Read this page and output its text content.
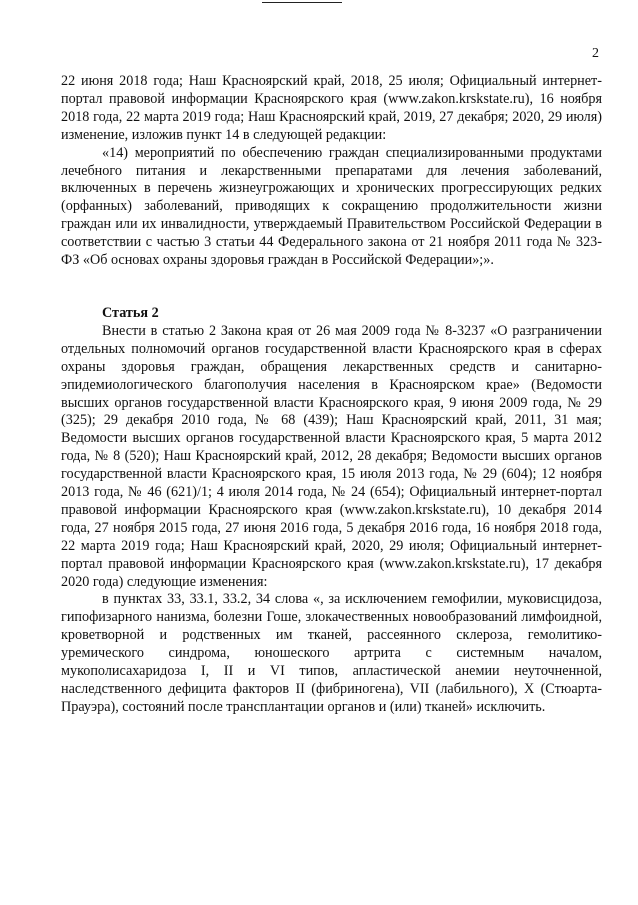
2

22 июня 2018 года; Наш Красноярский край, 2018, 25 июля; Официальный интернет-портал правовой информации Красноярского края (www.zakon.krskstate.ru), 16 ноября 2018 года, 22 марта 2019 года; Наш Красноярский край, 2019, 27 декабря; 2020, 29 июля) изменение, изложив пункт 14 в следующей редакции:

«14) мероприятий по обеспечению граждан специализированными продуктами лечебного питания и лекарственными препаратами для лечения заболеваний, включенных в перечень жизнеугрожающих и хронических прогрессирующих редких (орфанных) заболеваний, приводящих к сокращению продолжительности жизни граждан или их инвалидности, утверждаемый Правительством Российской Федерации в соответствии с частью 3 статьи 44 Федерального закона от 21 ноября 2011 года № 323-ФЗ «Об основах охраны здоровья граждан в Российской Федерации»;».

Статья 2

Внести в статью 2 Закона края от 26 мая 2009 года № 8-3237 «О разграничении отдельных полномочий органов государственной власти Красноярского края в сферах охраны здоровья граждан, обращения лекарственных средств и санитарно-эпидемиологического благополучия населения в Красноярском крае» (Ведомости высших органов государственной власти Красноярского края, 9 июня 2009 года, № 29 (325); 29 декабря 2010 года, № 68 (439); Наш Красноярский край, 2011, 31 мая; Ведомости высших органов государственной власти Красноярского края, 5 марта 2012 года, № 8 (520); Наш Красноярский край, 2012, 28 декабря; Ведомости высших органов государственной власти Красноярского края, 15 июля 2013 года, № 29 (604); 12 ноября 2013 года, № 46 (621)/1; 4 июля 2014 года, № 24 (654); Официальный интернет-портал правовой информации Красноярского края (www.zakon.krskstate.ru), 10 декабря 2014 года, 27 ноября 2015 года, 27 июня 2016 года, 5 декабря 2016 года, 16 ноября 2018 года, 22 марта 2019 года; Наш Красноярский край, 2020, 29 июля; Официальный интернет-портал правовой информации Красноярского края (www.zakon.krskstate.ru), 17 декабря 2020 года) следующие изменения:

в пунктах 33, 33.1, 33.2, 34 слова «, за исключением гемофилии, муковисцидоза, гипофизарного нанизма, болезни Гоше, злокачественных новообразований лимфоидной, кроветворной и родственных им тканей, рассеянного склероза, гемолитико-уремического синдрома, юношеского артрита с системным началом, мукополисахаридоза I, II и VI типов, апластической анемии неуточненной, наследственного дефицита факторов II (фибриногена), VII (лабильного), X (Стюарта-Прауэра), состояний после трансплантации органов и (или) тканей» исключить.
